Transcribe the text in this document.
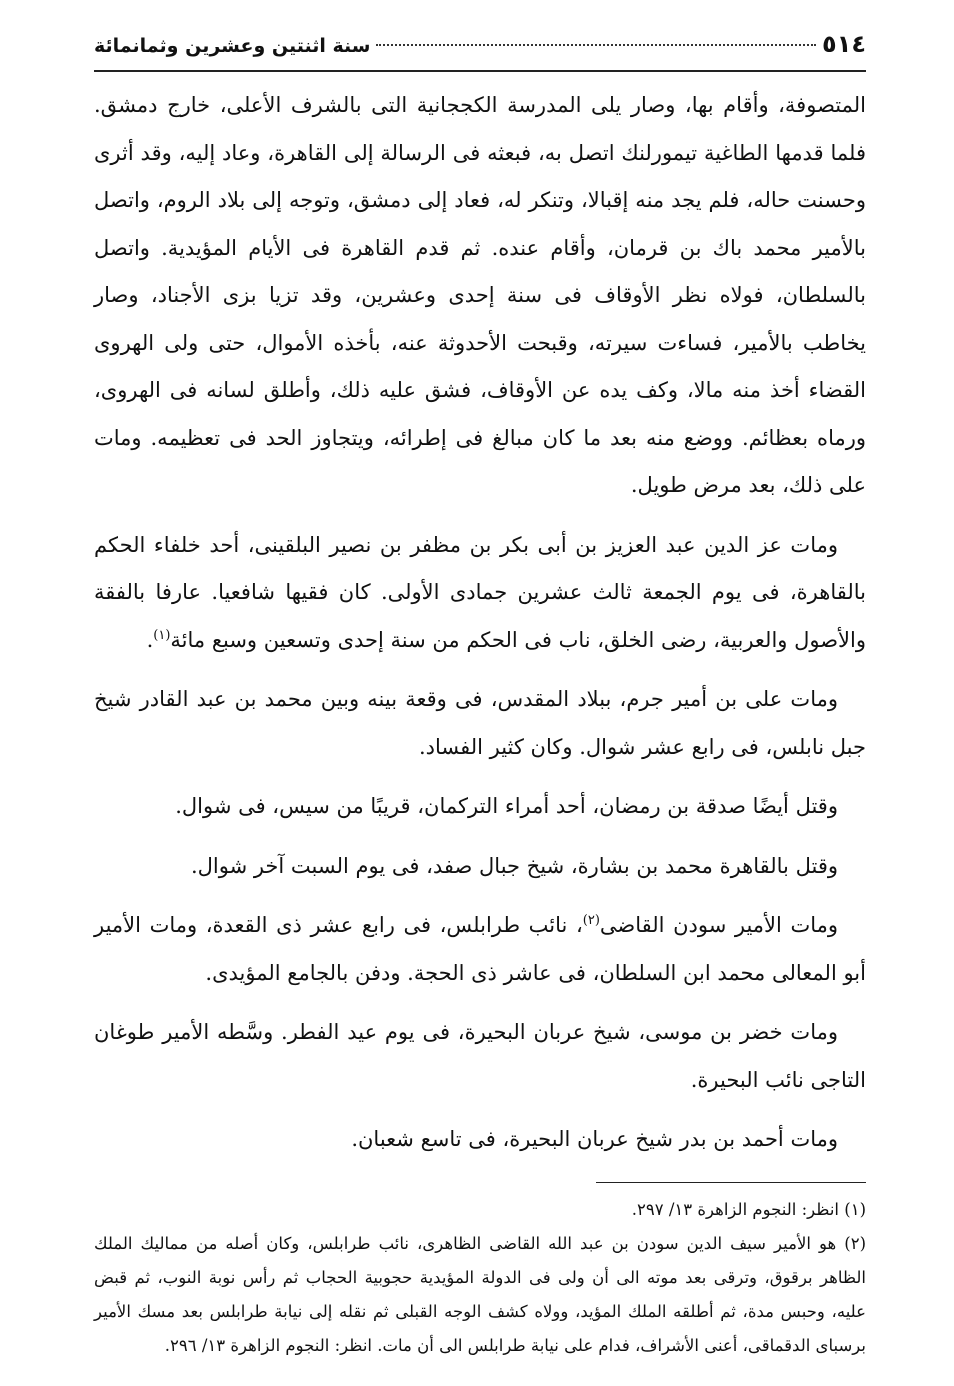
٥١٤
سنة اثنتين وعشرين وثمانمائة

المتصوفة، وأقام بها، وصار يلى المدرسة الكججانية التى بالشرف الأعلى، خارج دمشق. فلما قدمها الطاغية تيمورلنك اتصل به، فبعثه فى الرسالة إلى القاهرة، وعاد إليه، وقد أثرى وحسنت حاله، فلم يجد منه إقبالا، وتنكر له، فعاد إلى دمشق، وتوجه إلى بلاد الروم، واتصل بالأمير محمد باك بن قرمان، وأقام عنده. ثم قدم القاهرة فى الأيام المؤيدية. واتصل بالسلطان، فولاه نظر الأوقاف فى سنة إحدى وعشرين، وقد تزيا بزى الأجناد، وصار يخاطب بالأمير، فساءت سيرته، وقبحت الأحدوثة عنه، بأخذه الأموال، حتى ولى الهروى القضاء أخذ منه مالا، وكف يده عن الأوقاف، فشق عليه ذلك، وأطلق لسانه فى الهروى، ورماه بعظائم. ووضع منه بعد ما كان مبالغ فى إطرائه، ويتجاوز الحد فى تعظيمه. ومات على ذلك، بعد مرض طويل.

ومات عز الدين عبد العزيز بن أبى بكر بن مظفر بن نصير البلقينى، أحد خلفاء الحكم بالقاهرة، فى يوم الجمعة ثالث عشرين جمادى الأولى. كان فقيها شافعيا. عارفا بالفقة والأصول والعربية، رضى الخلق، ناب فى الحكم من سنة إحدى وتسعين وسبع مائة$^{(١)}$.

ومات على بن أمير جرم، ببلاد المقدس، فى وقعة بينه وبين محمد بن عبد القادر شيخ جبل نابلس، فى رابع عشر شوال. وكان كثير الفساد.

وقتل أيضًا صدقة بن رمضان، أحد أمراء التركمان، قريبًا من سيس، فى شوال.

وقتل بالقاهرة محمد بن بشارة، شيخ جبال صفد، فى يوم السبت آخر شوال.

ومات الأمير سودن القاضى$^{(٢)}$، نائب طرابلس، فى رابع عشر ذى القعدة، ومات الأمير أبو المعالى محمد ابن السلطان، فى عاشر ذى الحجة. ودفن بالجامع المؤيدى.

ومات خضر بن موسى، شيخ عربان البحيرة، فى يوم عيد الفطر. وسَّطه الأمير طوغان التاجى نائب البحيرة.

ومات أحمد بن بدر شيخ عربان البحيرة، فى تاسع شعبان.

(١) انظر: النجوم الزاهرة ١٣/ ٢٩٧.

(٢) هو الأمير سيف الدين سودن بن عبد الله القاضى الظاهرى، نائب طرابلس، وكان أصله من مماليك الملك الظاهر برقوق، وترقى بعد موته الى أن ولى فى الدولة المؤيدية حجوبية الحجاب ثم رأس نوبة النوب، ثم قبض عليه، وحبس مدة، ثم أطلقه الملك المؤيد، وولاه كشف الوجه القبلى ثم نقله إلى نيابة طرابلس بعد مسك الأمير برسباى الدقماقى، أعنى الأشراف، فدام على نيابة طرابلس الى أن مات. انظر: النجوم الزاهرة ١٣/ ٢٩٦.
